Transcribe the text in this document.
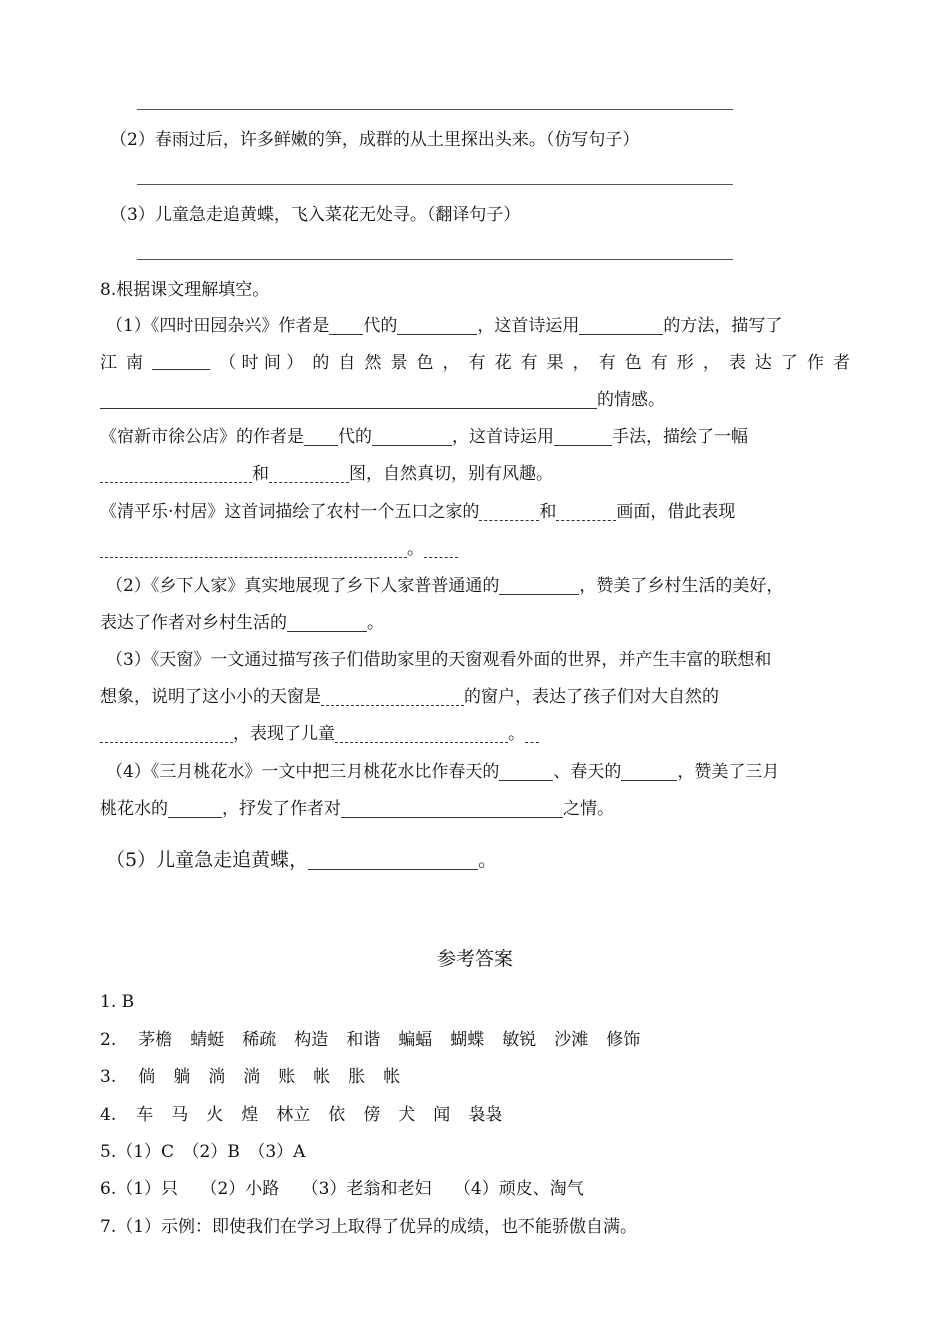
（2）春雨过后，许多鲜嫩的笋，成群的从土里探出头来。（仿写句子）
（3）儿童急走追黄蝶，飞入菜花无处寻。（翻译句子）
8.根据课文理解填空。
（1）《四时田园杂兴》作者是 代的	，这首诗运用	的方法，描写了
江 南	（ 时 间 ） 的 自 然 景 色 ， 有 花 有 果 ， 有 色 有 形 ， 表 达 了 作 者
的情感。
《宿新市徐公店》的作者是 代的	，这首诗运用	手法，描绘了一幅
和	图，自然真切，别有风趣。
《清平乐·村居》这首词描绘了农村一个五口之家的	和	画面，借此表现
。
（2）《乡下人家》真实地展现了乡下人家普普通通的	，赞美了乡村生活的美好，
表达了作者对乡村生活的	。
（3）《天窗》一文通过描写孩子们借助家里的天窗观看外面的世界，并产生丰富的联想和
想象，说明了这小小的天窗是	的窗户，表达了孩子们对大自然的
，表现了儿童	。
（4）《三月桃花水》一文中把三月桃花水比作春天的	、春天的	，赞美了三月
桃花水的	，抒发了作者对	之情。
（5）儿童急走追黄蝶，	。
参考答案
1. B
2. 茅檐 蜻蜓 稀疏 构造 和谐 蝙蝠 蝴蝶 敏锐 沙滩 修饰
3. 倘 躺 淌 淌 账 帐 胀 帐
4. 车 马 火 煌 林立 依 傍 犬 闻 袅袅
5.（1）C　（2）B　（3）A
6.（1）只　 （2）小路　 （3）老翁和老妇　 （4）顽皮、淘气
7.（1）示例：即使我们在学习上取得了优异的成绩，也不能骄傲自满。
